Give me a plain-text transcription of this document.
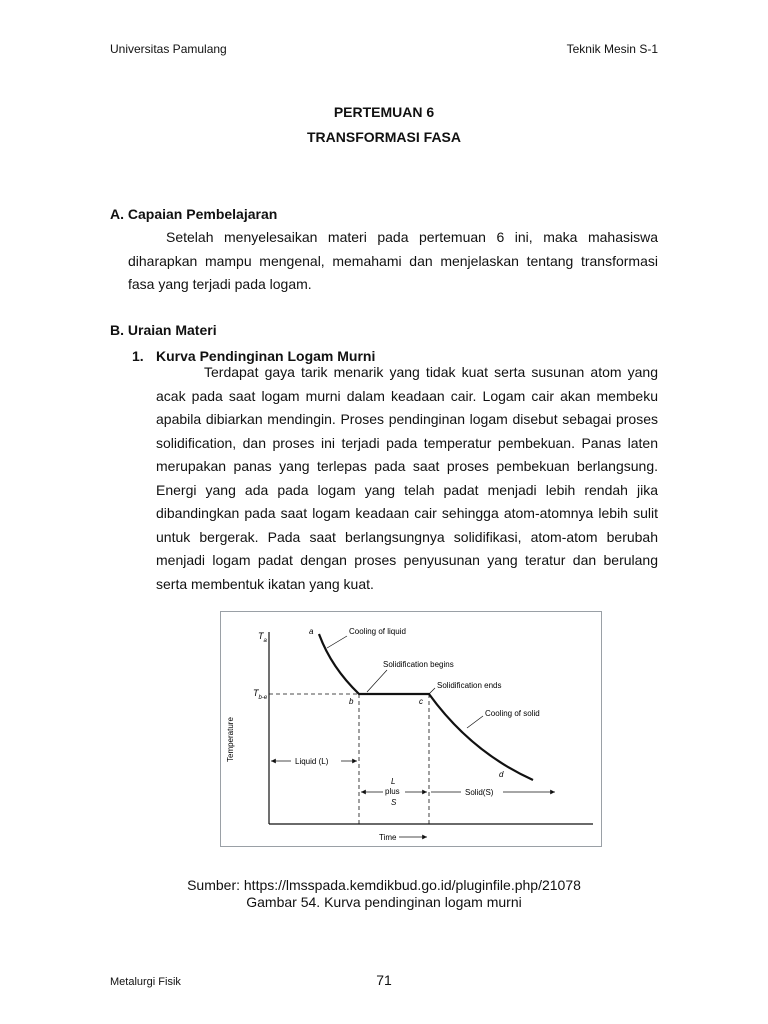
Universitas Pamulang	Teknik Mesin S-1
PERTEMUAN 6
TRANSFORMASI FASA
A. Capaian Pembelajaran

Setelah menyelesaikan materi pada pertemuan 6 ini, maka mahasiswa diharapkan mampu mengenal, memahami dan menjelaskan tentang transformasi fasa yang terjadi pada logam.

B. Uraian Materi
1. Kurva Pendinginan Logam Murni

Terdapat gaya tarik menarik yang tidak kuat serta susunan atom yang acak pada saat logam murni dalam keadaan cair. Logam cair akan membeku apabila dibiarkan mendingin. Proses pendinginan logam disebut sebagai proses solidification, dan proses ini terjadi pada temperatur pembekuan. Panas laten merupakan panas yang terlepas pada saat proses pembekuan berlangsung. Energi yang ada pada logam yang telah padat menjadi lebih rendah jika dibandingkan pada saat logam keadaan cair sehingga atom-atomnya lebih sulit untuk bergerak. Pada saat berlangsungnya solidifikasi, atom-atom berubah menjadi logam padat dengan proses penyusunan yang teratur dan berulang serta membentuk ikatan yang kuat.

Temperature
$T_a$
$T_{b-e}$
a
b	c
d
Cooling of liquid
Solidification begins
Solidification ends
Cooling of solid
Liquid (L)
L
plus
S
Solid(S)
Time
Sumber: https://lmsspada.kemdikbud.go.id/pluginfile.php/21078
Gambar 54. Kurva pendinginan logam murni
Metalurgi Fisik	71
